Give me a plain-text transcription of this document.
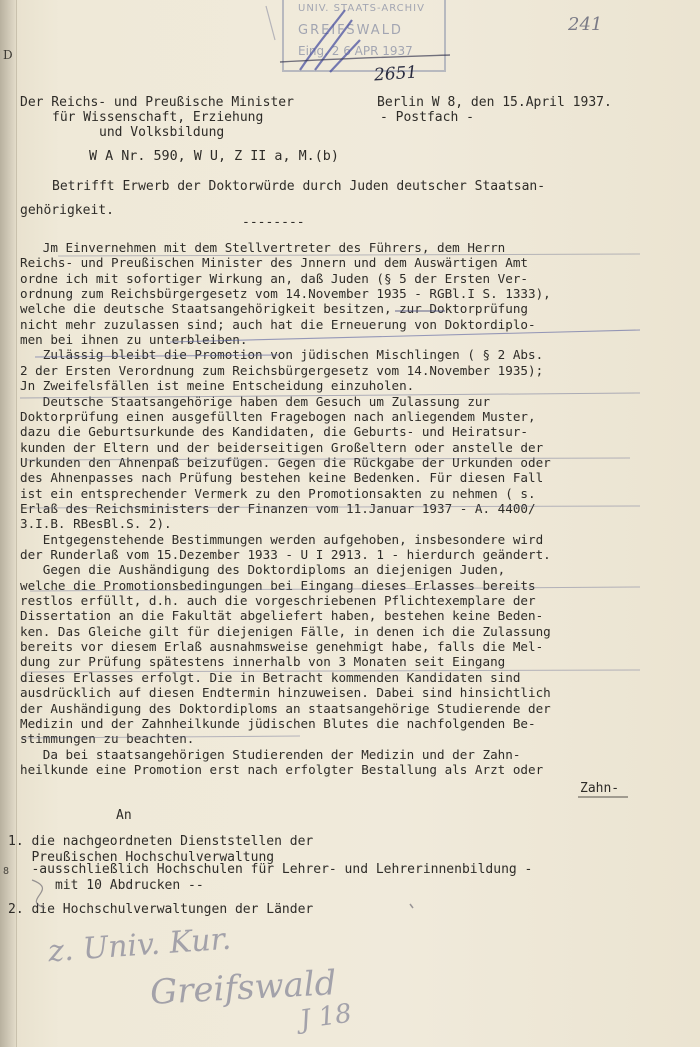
D
8
UNIV. STAATS-ARCHIV
GREIFSWALD
Eing. 2 6 APR 1937
241
2651
Der Reichs- und Preußische Minister
für Wissenschaft, Erziehung
und Volksbildung
Berlin W 8, den 15.April 1937.
- Postfach -
W A Nr. 590, W U, Z II a, M.(b)
Betrifft Erwerb der Doktorwürde durch Juden deutscher Staatsan-
gehörigkeit.
--------
Jm Einvernehmen mit dem Stellvertreter des Führers, dem Herrn
Reichs- und Preußischen Minister des Jnnern und dem Auswärtigen Amt
ordne ich mit sofortiger Wirkung an, daß Juden (§ 5 der Ersten Ver-
ordnung zum Reichsbürgergesetz vom 14.November 1935 - RGBl.I S. 1333),
welche die deutsche Staatsangehörigkeit besitzen, zur Doktorprüfung
nicht mehr zuzulassen sind; auch hat die Erneuerung von Doktordiplo-
men bei ihnen zu unterbleiben.
Zulässig bleibt die Promotion von jüdischen Mischlingen ( § 2 Abs.
2 der Ersten Verordnung zum Reichsbürgergesetz vom 14.November 1935);
Jn Zweifelsfällen ist meine Entscheidung einzuholen.
Deutsche Staatsangehörige haben dem Gesuch um Zulassung zur
Doktorprüfung einen ausgefüllten Fragebogen nach anliegendem Muster,
dazu die Geburtsurkunde des Kandidaten, die Geburts- und Heiratsur-
kunden der Eltern und der beiderseitigen Großeltern oder anstelle der
Urkunden den Ahnenpaß beizufügen. Gegen die Rückgabe der Urkunden oder
des Ahnenpasses nach Prüfung bestehen keine Bedenken. Für diesen Fall
ist ein entsprechender Vermerk zu den Promotionsakten zu nehmen ( s.
Erlaß des Reichsministers der Finanzen vom 11.Januar 1937 - A. 4400/
3.I.B. RBesBl.S. 2).
Entgegenstehende Bestimmungen werden aufgehoben, insbesondere wird
der Runderlaß vom 15.Dezember 1933 - U I 2913. 1 - hierdurch geändert.
Gegen die Aushändigung des Doktordiploms an diejenigen Juden,
welche die Promotionsbedingungen bei Eingang dieses Erlasses bereits
restlos erfüllt, d.h. auch die vorgeschriebenen Pflichtexemplare der
Dissertation an die Fakultät abgeliefert haben, bestehen keine Beden-
ken. Das Gleiche gilt für diejenigen Fälle, in denen ich die Zulassung
bereits vor diesem Erlaß ausnahmsweise genehmigt habe, falls die Mel-
dung zur Prüfung spätestens innerhalb von 3 Monaten seit Eingang
dieses Erlasses erfolgt. Die in Betracht kommenden Kandidaten sind
ausdrücklich auf diesen Endtermin hinzuweisen. Dabei sind hinsichtlich
der Aushändigung des Doktordiploms an staatsangehörige Studierende der
Medizin und der Zahnheilkunde jüdischen Blutes die nachfolgenden Be-
stimmungen zu beachten.
Da bei staatsangehörigen Studierenden der Medizin und der Zahn-
heilkunde eine Promotion erst nach erfolgter Bestallung als Arzt oder
Zahn-
An
1. die nachgeordneten Dienststellen der
Preußischen Hochschulverwaltung
-ausschließlich Hochschulen für Lehrer- und Lehrerinnenbildung -
mit 10 Abdrucken --
2. die Hochschulverwaltungen der Länder
z. Univ. Kur.
Greifswald
J 18
